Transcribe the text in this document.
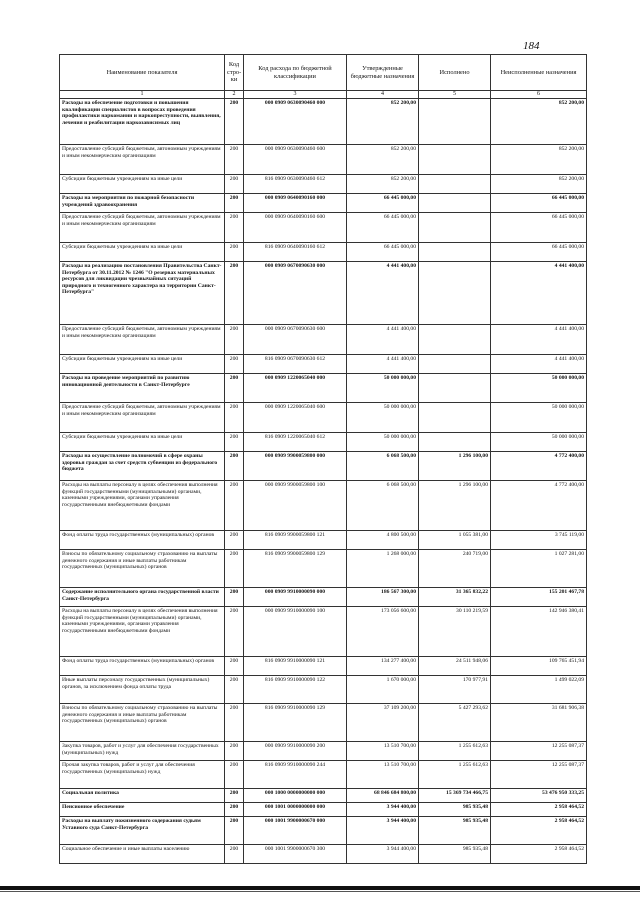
184
Наименование показателя	Код стро-ки	Код расхода по бюджетной классификации	Утвержденные бюджетные назначения	Исполнено	Неисполненные назначения
1	2	3	4	5	6
Расходы на обеспечение подготовки и повышения квалификации специалистов в вопросах проведения профилактики наркомании и наркопреступности, выявления, лечения и реабилитации наркозависимых лиц	200	000 0909 0630090460 000	852 200,00		852 200,00
Предоставление субсидий бюджетным, автономным учреждениям и иным некоммерческим организациям	200	000 0909 0630090460 600	852 200,00		852 200,00
Субсидии бюджетным учреждениям на иные цели	200	816 0909 0630090460 612	852 200,00		852 200,00
Расходы на мероприятия по пожарной безопасности учреждений здравоохранения	200	000 0909 0640090160 000	66 445 000,00		66 445 000,00
Предоставление субсидий бюджетным, автономным учреждениям и иным некоммерческим организациям	200	000 0909 0640090160 600	66 445 000,00		66 445 000,00
Субсидии бюджетным учреждениям на иные цели	200	816 0909 0640090160 612	66 445 000,00		66 445 000,00
Расходы на реализацию постановления Правительства Санкт-Петербурга от 30.11.2012 № 1246 "О резервах материальных ресурсов для ликвидации чрезвычайных ситуаций природного и техногенного характера на территории Санкт-Петербурга"	200	000 0909 0670090630 000	4 441 400,00		4 441 400,00
Предоставление субсидий бюджетным, автономным учреждениям и иным некоммерческим организациям	200	000 0909 0670090630 600	4 441 400,00		4 441 400,00
Субсидии бюджетным учреждениям на иные цели	200	816 0909 0670090630 612	4 441 400,00		4 441 400,00
Расходы на проведение мероприятий по развитию инновационной деятельности в Санкт-Петербурге	200	000 0909 1220065040 000	50 000 000,00		50 000 000,00
Предоставление субсидий бюджетным, автономным учреждениям и иным некоммерческим организациям	200	000 0909 1220065040 600	50 000 000,00		50 000 000,00
Субсидии бюджетным учреждениям на иные цели	200	816 0909 1220065040 612	50 000 000,00		50 000 000,00
Расходы на осуществление полномочий в сфере охраны здоровья граждан за счет средств субвенции из федерального бюджета	200	000 0909 9900059800 000	6 068 500,00	1 296 100,00	4 772 400,00
Расходы на выплаты персоналу в целях обеспечения выполнения функций государственными (муниципальными) органами, казенными учреждениями, органами управления государственными внебюджетными фондами	200	000 0909 9900059800 100	6 068 500,00	1 296 100,00	4 772 400,00
Фонд оплаты труда государственных (муниципальных) органов	200	816 0909 9900059800 121	4 800 500,00	1 055 381,00	3 745 119,00
Взносы по обязательному социальному страхованию на выплаты денежного содержания и иные выплаты работникам государственных (муниципальных) органов	200	816 0909 9900059800 129	1 268 000,00	240 719,00	1 027 281,00
Содержание исполнительного органа государственной власти Санкт-Петербурга	200	000 0909 9910000090 000	186 567 300,00	31 365 832,22	155 201 467,78
Расходы на выплаты персоналу в целях обеспечения выполнения функций государственными (муниципальными) органами, казенными учреждениями, органами управления государственными внебюджетными фондами	200	000 0909 9910000090 100	173 056 600,00	30 110 219,59	142 946 380,41
Фонд оплаты труда государственных (муниципальных) органов	200	816 0909 9910000090 121	134 277 400,00	24 511 948,06	109 765 451,94
Иные выплаты персоналу государственных (муниципальных) органов, за исключением фонда оплаты труда	200	816 0909 9910000090 122	1 670 000,00	170 977,91	1 499 022,09
Взносы по обязательному социальному страхованию на выплаты денежного содержания и иные выплаты работникам государственных (муниципальных) органов	200	816 0909 9910000090 129	37 109 200,00	5 427 293,62	31 681 906,38
Закупка товаров, работ и услуг для обеспечения государственных (муниципальных) нужд	200	000 0909 9910000090 200	13 510 700,00	1 255 612,63	12 255 087,37
Прочая закупка товаров, работ и услуг для обеспечения государственных (муниципальных) нужд	200	816 0909 9910000090 244	13 510 700,00	1 255 612,63	12 255 087,37
Социальная политика	200	000 1000 0000000000 000	68 846 684 800,00	15 369 734 466,75	53 476 950 333,25
Пенсионное обеспечение	200	000 1001 0000000000 000	3 944 400,00	985 935,48	2 958 464,52
Расходы на выплату пожизненного содержания судьям Уставного суда Санкт-Петербурга	200	000 1001 9900000670 000	3 944 400,00	985 935,48	2 958 464,52
Социальное обеспечение и иные выплаты населению	200	000 1001 9900000670 300	3 944 400,00	985 935,48	2 958 464,52
